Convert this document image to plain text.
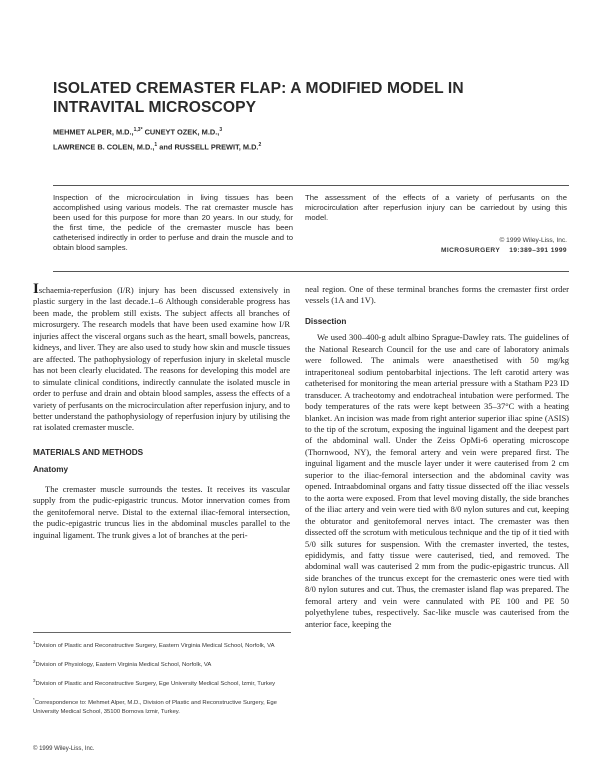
ISOLATED CREMASTER FLAP: A MODIFIED MODEL IN
INTRAVITAL MICROSCOPY
MEHMET ALPER, M.D.,$^{1,3*}$ CUNEYT OZEK, M.D.,$^3$
LAWRENCE B. COLEN, M.D.,$^1$ and RUSSELL PREWIT, M.D.$^2$

Inspection of the microcirculation in living tissues has been accomplished using various models. The rat cremaster muscle has been used for this purpose for more than 20 years. In our study, for the first time, the pedicle of the cremaster muscle has been catheterised indirectly in order to perfuse and drain the muscle and to obtain blood samples.

The assessment of the effects of a variety of perfusants on the microcirculation after reperfusion injury can be carriedout by using this model.

© 1999 Wiley-Liss, Inc.
MICROSURGERY 19:389–391 1999

Ischaemia-reperfusion (I/R) injury has been discussed extensively in plastic surgery in the last decade.1–6 Although considerable progress has been made, the problem still exists. The subject affects all branches of microsurgery. The research models that have been used examine how I/R injuries affect the visceral organs such as the heart, small bowels, pancreas, kidneys, and liver. They are also used to study how skin and muscle tissues are affected. The pathophysiology of reperfusion injury in skeletal muscle has not been clearly elucidated. The reasons for developing this model are to simulate clinical conditions, indirectly cannulate the isolated muscle in order to perfuse and drain and obtain blood samples, assess the effects of a variety of perfusants on the microcirculation after reperfusion injury, and to better understand the pathophysiology of reperfusion injury by utilising the rat isolated cremaster muscle.

MATERIALS AND METHODS
Anatomy

The cremaster muscle surrounds the testes. It receives its vascular supply from the pudic-epigastric truncus. Motor innervation comes from the genitofemoral nerve. Distal to the external iliac-femoral intersection, the pudic-epigastric truncus lies in the abdominal muscles parallel to the inguinal ligament. The trunk gives a lot of branches at the peri-

neal region. One of these terminal branches forms the cremaster first order vessels (1A and 1V).

Dissection

We used 300–400-g adult albino Sprague-Dawley rats. The guidelines of the National Research Council for the use and care of laboratory animals were followed. The animals were anaesthetised with 50 mg/kg intraperitoneal sodium pentobarbital injections. The left carotid artery was catheterised for monitoring the mean arterial pressure with a Statham P23 ID transducer. A tracheotomy and endotracheal intubation were performed. The body temperatures of the rats were kept between 35–37°C with a heating blanket. An incision was made from right anterior superior iliac spine (ASIS) to the tip of the scrotum, exposing the inguinal ligament and the deepest part of the abdominal wall. Under the Zeiss OpMi-6 operating microscope (Thornwood, NY), the femoral artery and vein were prepared first. The inguinal ligament and the muscle layer under it were cauterised from 2 cm superior to the iliac-femoral intersection and the abdominal cavity was opened. Intraabdominal organs and fatty tissue dissected off the iliac vessels to the aorta were exposed. From that level moving distally, the side branches of the iliac artery and vein were tied with 8/0 nylon sutures and cut, keeping the obturator and genitofemoral nerves intact. The cremaster was then dissected off the scrotum with meticulous technique and the tip of it tied with 5/0 silk sutures for suspension. With the cremaster inverted, the testes, epididymis, and fatty tissue were cauterised, tied, and removed. The abdominal wall was cauterised 2 mm from the pudic-epigastric truncus. All side branches of the truncus except for the cremasteric ones were tied with 8/0 nylon sutures and cut. Thus, the cremaster island flap was prepared. The femoral artery and vein were cannulated with PE 100 and PE 50 polyethylene tubes, respectively. Sac-like muscle was cauterised from the anterior face, keeping the

$^1$Division of Plastic and Reconstructive Surgery, Eastern Virginia Medical School, Norfolk, VA

$^2$Division of Physiology, Eastern Virginia Medical School, Norfolk, VA

$^3$Division of Plastic and Reconstructive Surgery, Ege University Medical School, Izmir, Turkey

*Correspondence to: Mehmet Alper, M.D., Division of Plastic and Reconstructive Surgery, Ege University Medical School, 35100 Bornova Izmir, Turkey.

© 1999 Wiley-Liss, Inc.
